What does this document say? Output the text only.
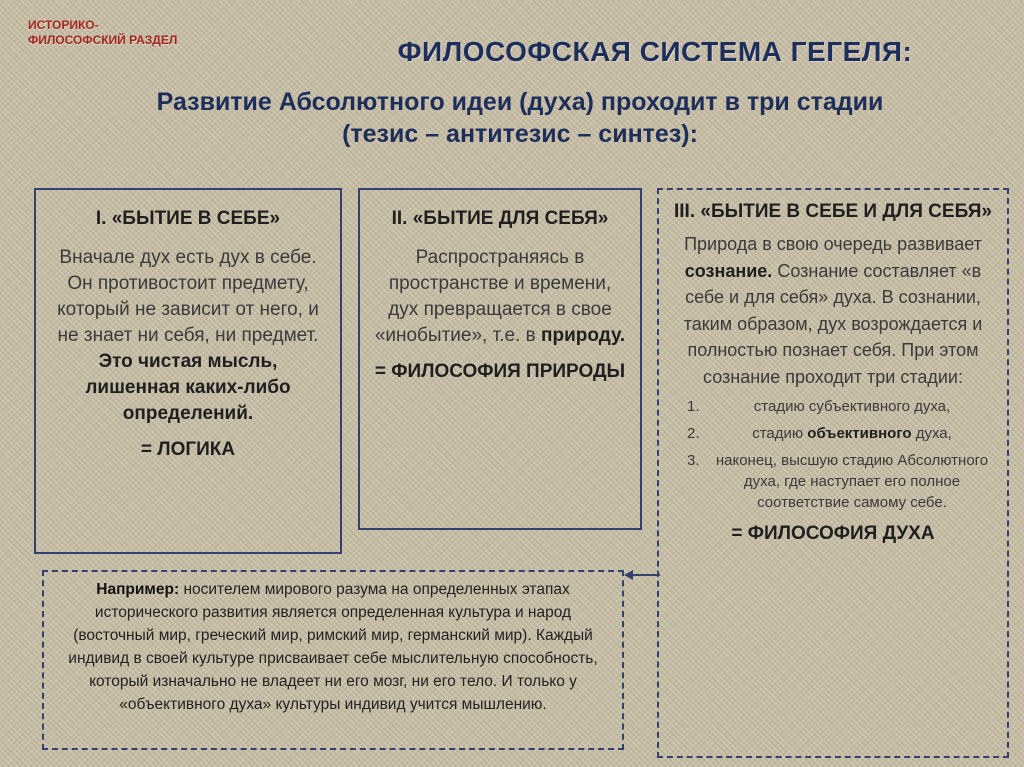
ИСТОРИКО-
ФИЛОСОФСКИЙ РАЗДЕЛ	ФИЛОСОФСКАЯ СИСТЕМА ГЕГЕЛЯ:
Развитие Абсолютного идеи (духа) проходит в три стадии
(тезис – антитезис – синтез):
I. «БЫТИЕ В СЕБЕ»
Вначале дух есть дух в себе. Он противостоит предмету, который не зависит от него, и не знает ни себя, ни предмет. Это чистая мысль, лишенная каких-либо определений.
= ЛОГИКА
II. «БЫТИЕ ДЛЯ СЕБЯ»
Распространяясь в пространстве и времени, дух превращается в свое «инобытие», т.е. в природу.
= ФИЛОСОФИЯ ПРИРОДЫ
III. «БЫТИЕ В СЕБЕ И ДЛЯ СЕБЯ»
Природа в свою очередь развивает сознание. Сознание составляет «в себе и для себя» духа. В сознании, таким образом, дух возрождается и полностью познает себя. При этом сознание проходит три стадии:
1.	стадию субъективного духа,
2.	стадию объективного духа,
3. наконец, высшую стадию Абсолютного духа, где наступает его полное соответствие самому себе.
= ФИЛОСОФИЯ ДУХА
Например: носителем мирового разума на определенных этапах исторического развития является определенная культура и народ (восточный мир, греческий мир, римский мир, германский мир). Каждый индивид в своей культуре присваивает себе мыслительную способность, который изначально не владеет ни его мозг, ни его тело. И только у «объективного духа» культуры индивид учится мышлению.
